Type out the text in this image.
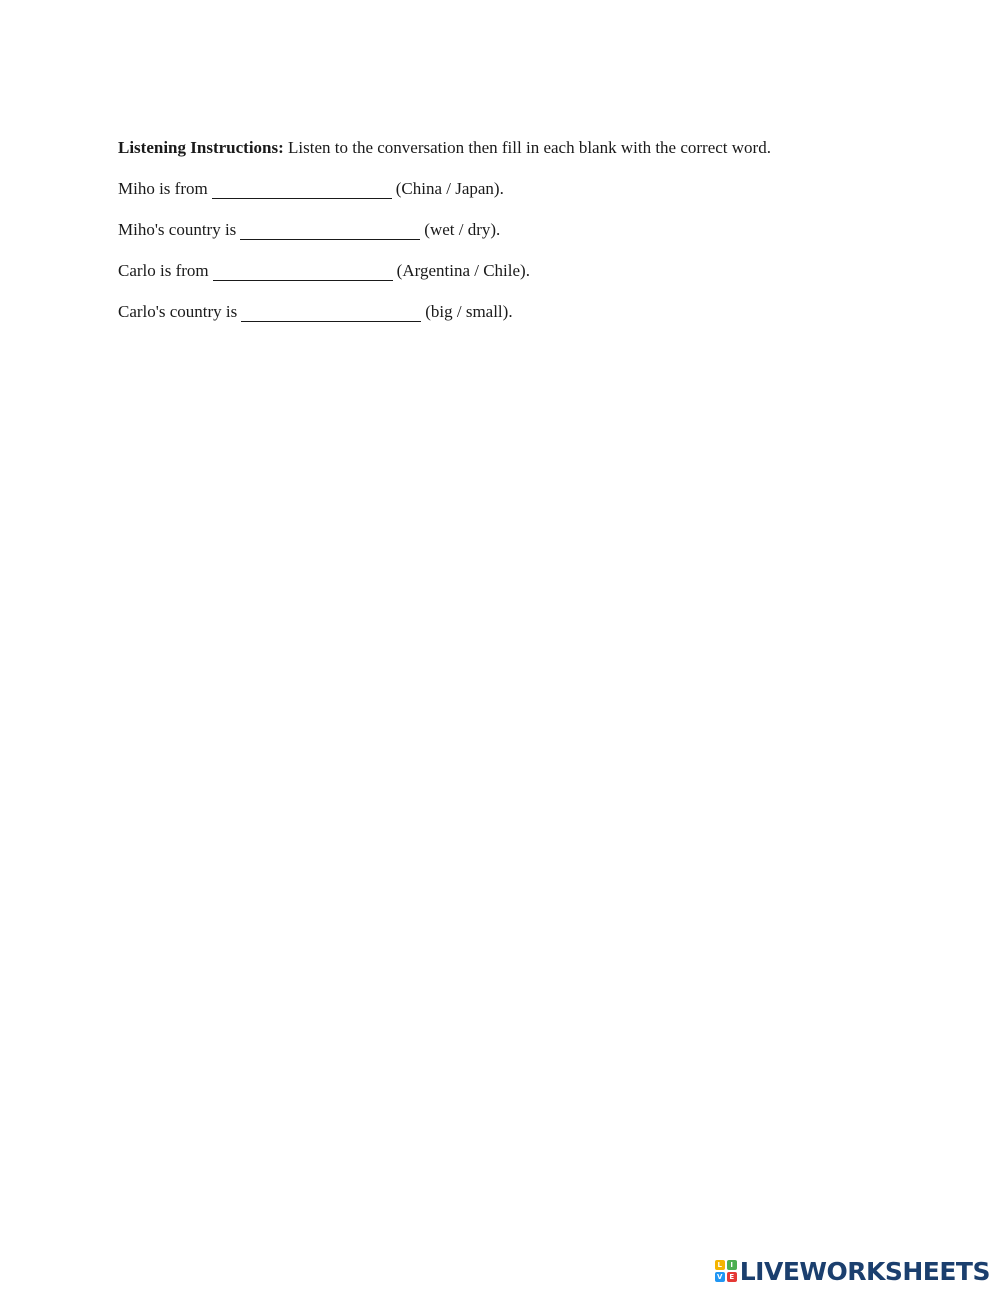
Listening Instructions: Listen to the conversation then fill in each blank with the correct word.

Miho is from	(China / Japan).

Miho's country is	(wet / dry).

Carlo is from	(Argentina / Chile).

Carlo's country is	(big / small).

L	I
V E LIVEWORKSHEETS
